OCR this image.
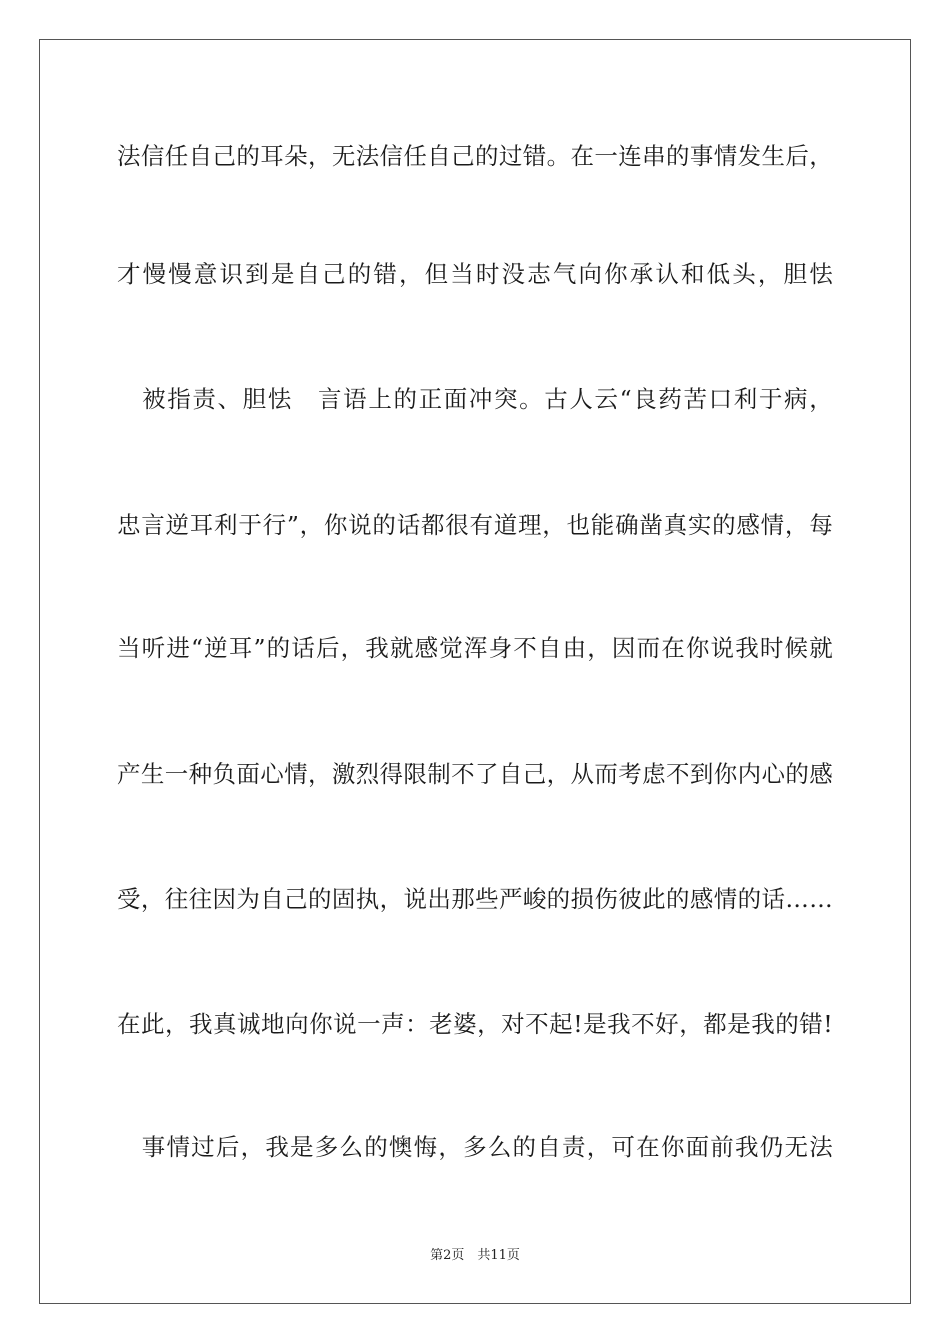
法信任自己的耳朵，无法信任自己的过错。在一连串的事情发生后，
才慢慢意识到是自己的错，但当时没志气向你承认和低头，胆怯
　被指责、胆怯　言语上的正面冲突。古人云“良药苦口利于病，
忠言逆耳利于行”，你说的话都很有道理，也能确凿真实的感情，每
当听进“逆耳”的话后，我就感觉浑身不自由，因而在你说我时候就
产生一种负面心情，激烈得限制不了自己，从而考虑不到你内心的感
受，往往因为自己的固执，说出那些严峻的损伤彼此的感情的话……
在此，我真诚地向你说一声：老婆，对不起!是我不好，都是我的错!
　事情过后，我是多么的懊悔，多么的自责，可在你面前我仍无法
第2页　共11页
